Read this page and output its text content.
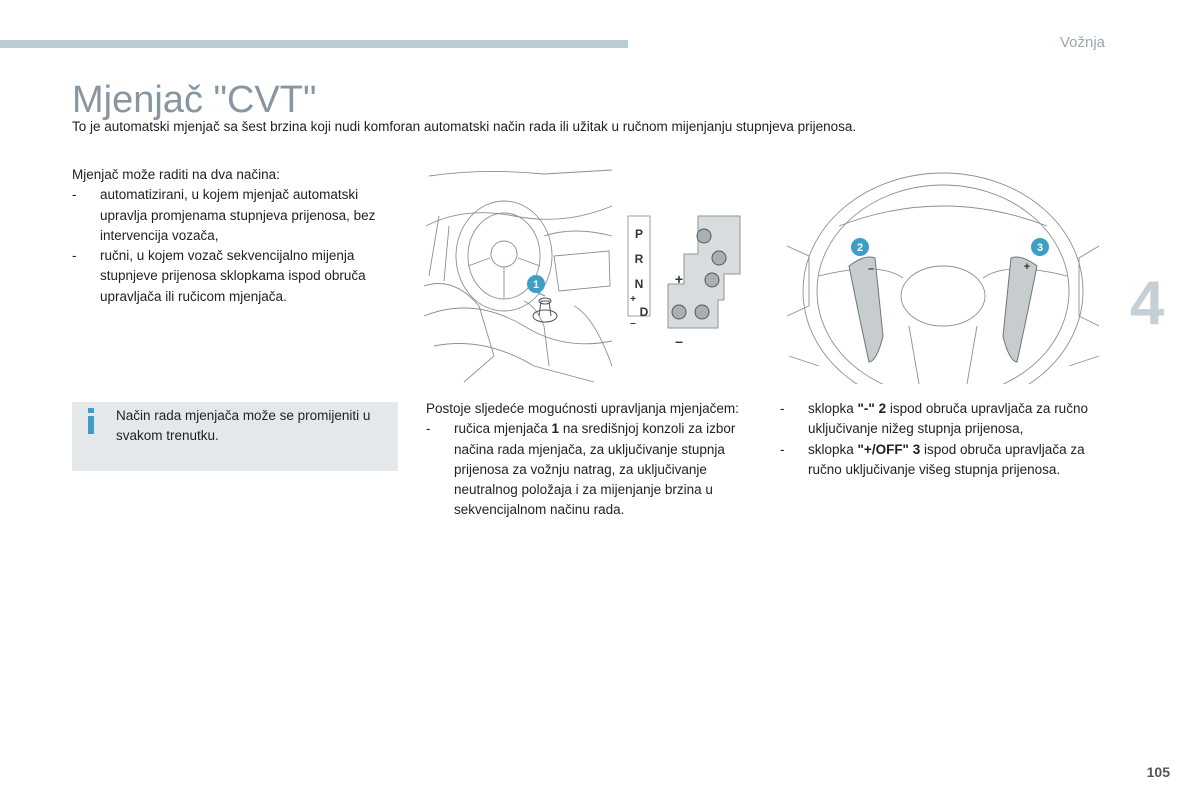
Vožnja
4
105
Mjenjač "CVT"
To je automatski mjenjač sa šest brzina koji nudi komforan automatski način rada ili užitak u ručnom mijenjanju stupnjeva prijenosa.

Mjenjač može raditi na dva načina:

- automatizirani, u kojem mjenjač automatski upravlja promjenama stupnjeva prijenosa, bez intervencija vozača,
- ručni, u kojem vozač sekvencijalno mijenja stupnjeve prijenosa sklopkama ispod obruča upravljača ili ručicom mjenjača.
Način rada mjenjača može se promijeniti u svakom trenutku.
1
P
R
N
D
+
–
+
–
–	+
2	3

Postoje sljedeće mogućnosti upravljanja mjenjačem:

- ručica mjenjača 1 na središnjoj konzoli za izbor načina rada mjenjača, za uključivanje stupnja prijenosa za vožnju natrag, za uključivanje neutralnog položaja i za mijenjanje brzina u sekvencijalnom načinu rada.
- sklopka "-" 2 ispod obruča upravljača za ručno uključivanje nižeg stupnja prijenosa,
- sklopka "+/OFF" 3 ispod obruča upravljača za ručno uključivanje višeg stupnja prijenosa.
